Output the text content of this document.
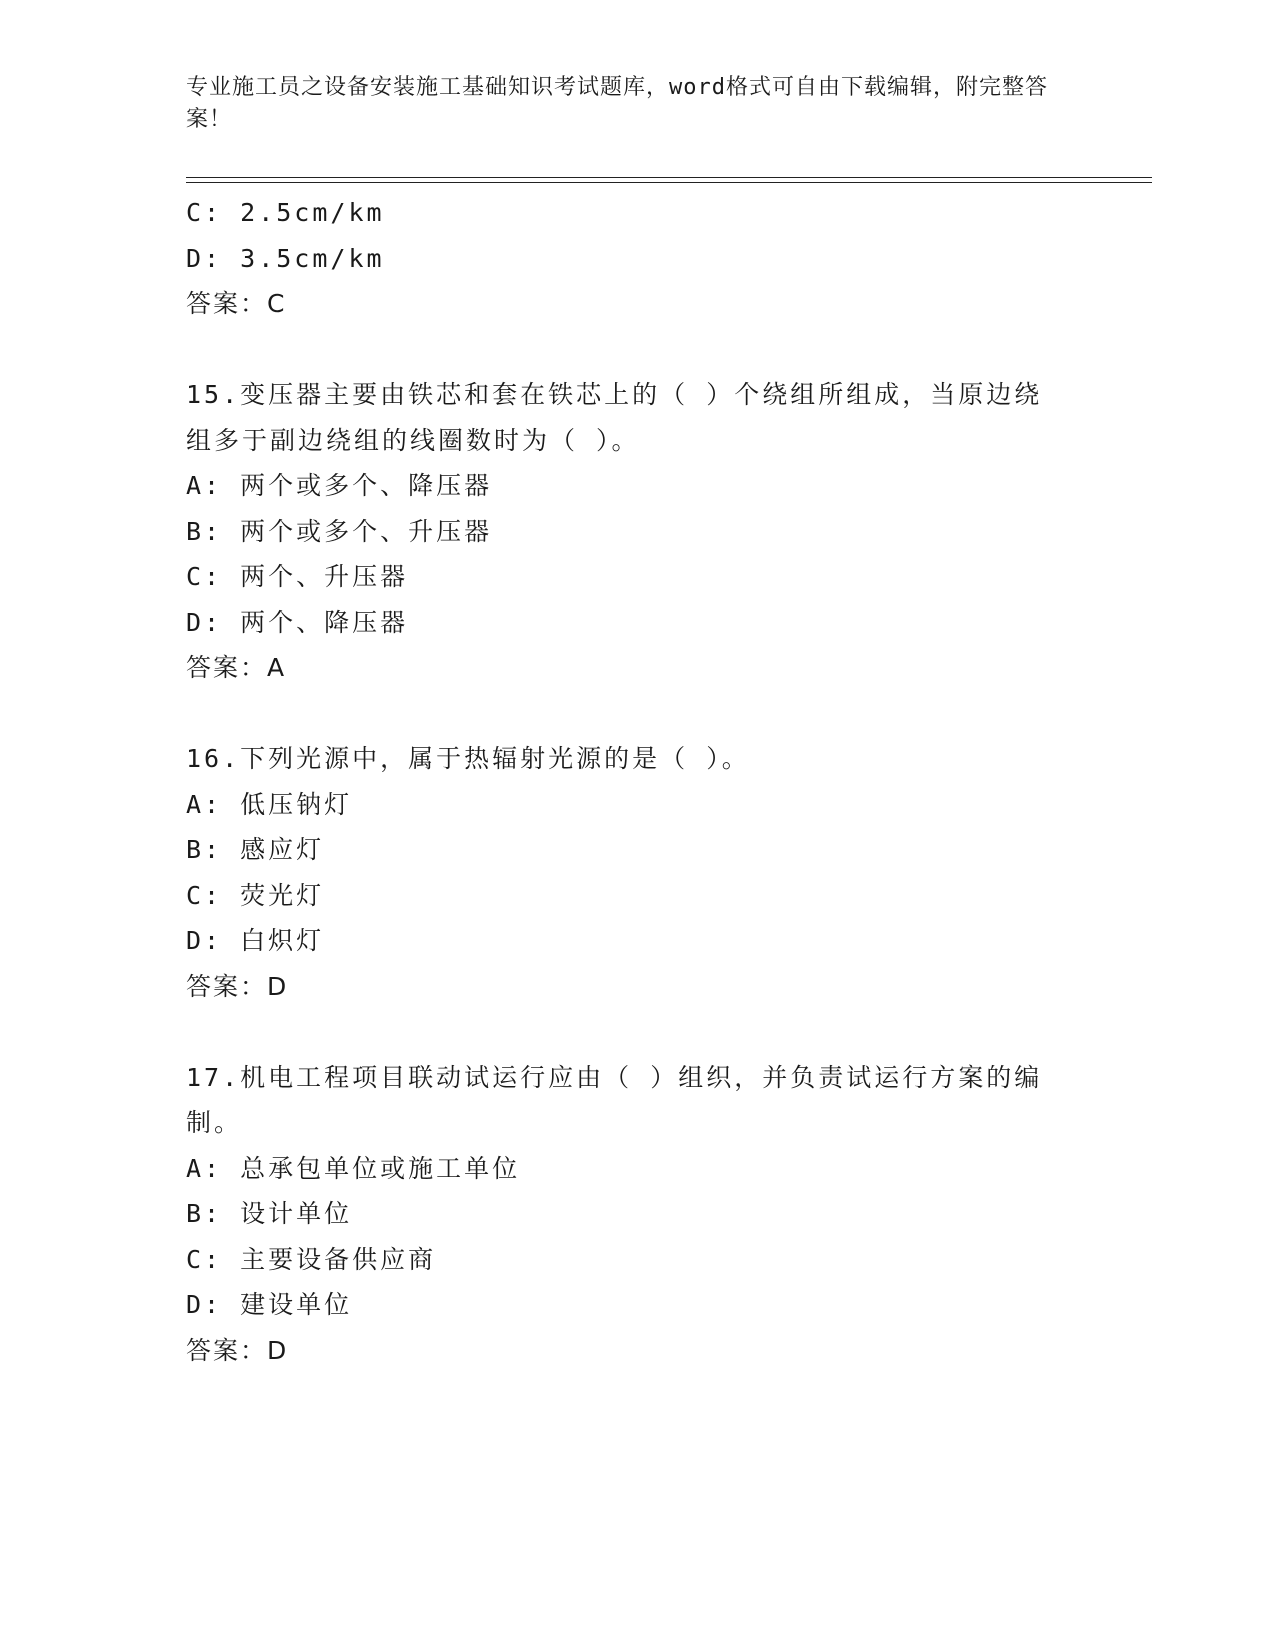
专业施工员之设备安装施工基础知识考试题库，word格式可自由下载编辑，附完整答案！
C: 2.5cm/km
D: 3.5cm/km
答案：C
15.变压器主要由铁芯和套在铁芯上的（ ）个绕组所组成，当原边绕组多于副边绕组的线圈数时为（ ）。
A: 两个或多个、降压器
B: 两个或多个、升压器
C: 两个、升压器
D: 两个、降压器
答案：A
16.下列光源中，属于热辐射光源的是（ ）。
A: 低压钠灯
B: 感应灯
C: 荧光灯
D: 白炽灯
答案：D
17.机电工程项目联动试运行应由（ ）组织，并负责试运行方案的编制。
A: 总承包单位或施工单位
B: 设计单位
C: 主要设备供应商
D: 建设单位
答案：D
